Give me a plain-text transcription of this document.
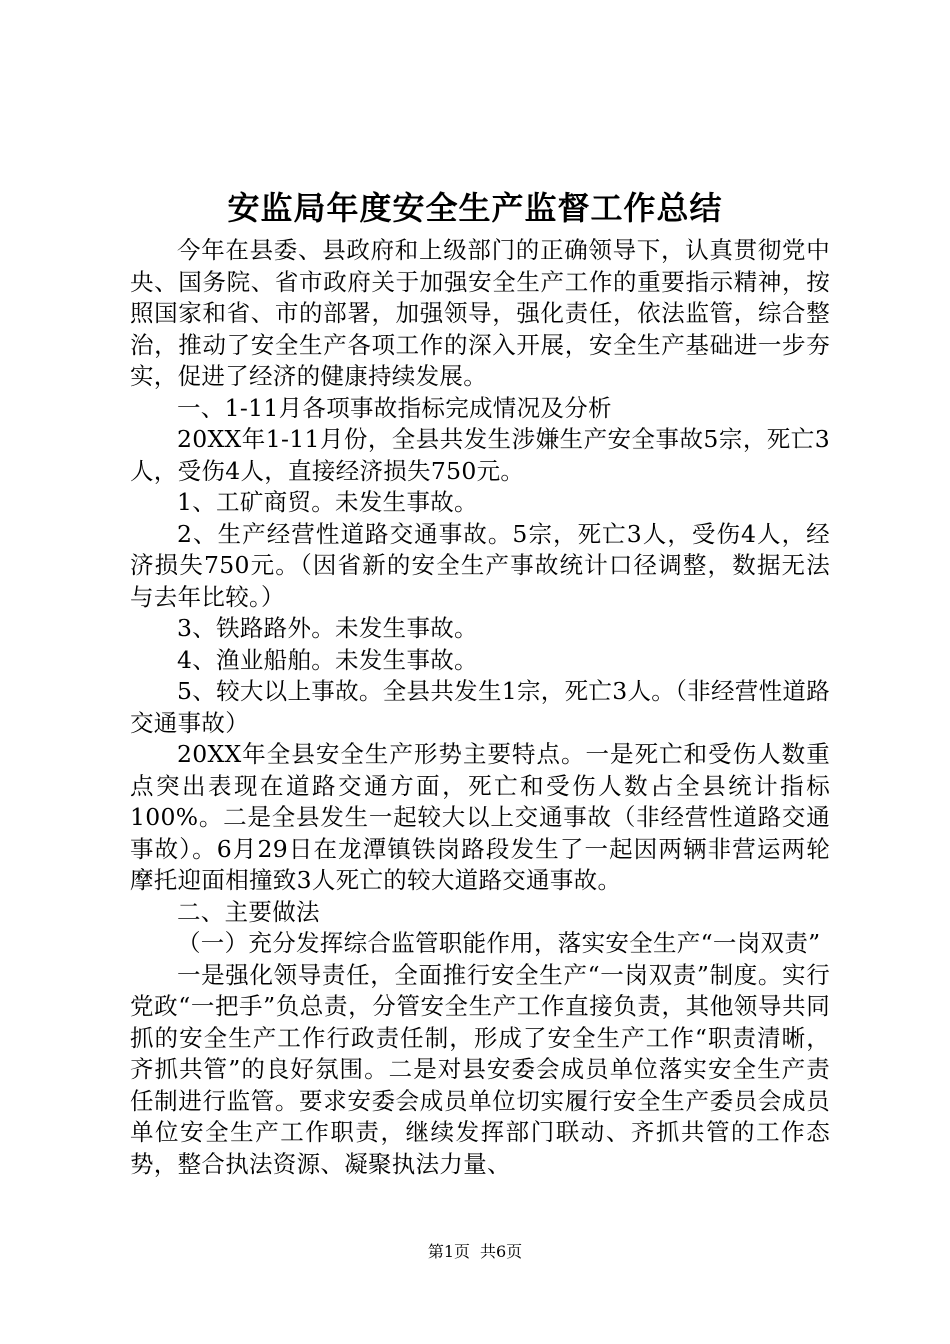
安监局年度安全生产监督工作总结

今年在县委、县政府和上级部门的正确领导下，认真贯彻党中央、国务院、省市政府关于加强安全生产工作的重要指示精神，按照国家和省、市的部署，加强领导，强化责任，依法监管，综合整治，推动了安全生产各项工作的深入开展，安全生产基础进一步夯实，促进了经济的健康持续发展。

一、1-11月各项事故指标完成情况及分析

20XX年1-11月份，全县共发生涉嫌生产安全事故5宗，死亡3人，受伤4人，直接经济损失750元。

1、工矿商贸。未发生事故。

2、生产经营性道路交通事故。5宗，死亡3人，受伤4人，经济损失750元。（因省新的安全生产事故统计口径调整，数据无法与去年比较。）

3、铁路路外。未发生事故。

4、渔业船舶。未发生事故。

5、较大以上事故。全县共发生1宗，死亡3人。（非经营性道路交通事故）

20XX年全县安全生产形势主要特点。一是死亡和受伤人数重点突出表现在道路交通方面，死亡和受伤人数占全县统计指标100%。二是全县发生一起较大以上交通事故（非经营性道路交通事故）。6月29日在龙潭镇铁岗路段发生了一起因两辆非营运两轮摩托迎面相撞致3人死亡的较大道路交通事故。

二、主要做法

（一）充分发挥综合监管职能作用，落实安全生产“一岗双责”

一是强化领导责任，全面推行安全生产“一岗双责”制度。实行党政“一把手”负总责，分管安全生产工作直接负责，其他领导共同抓的安全生产工作行政责任制，形成了安全生产工作“职责清晰，齐抓共管”的良好氛围。二是对县安委会成员单位落实安全生产责任制进行监管。要求安委会成员单位切实履行安全生产委员会成员单位安全生产工作职责，继续发挥部门联动、齐抓共管的工作态势，整合执法资源、凝聚执法力量、

第1页 共6页
